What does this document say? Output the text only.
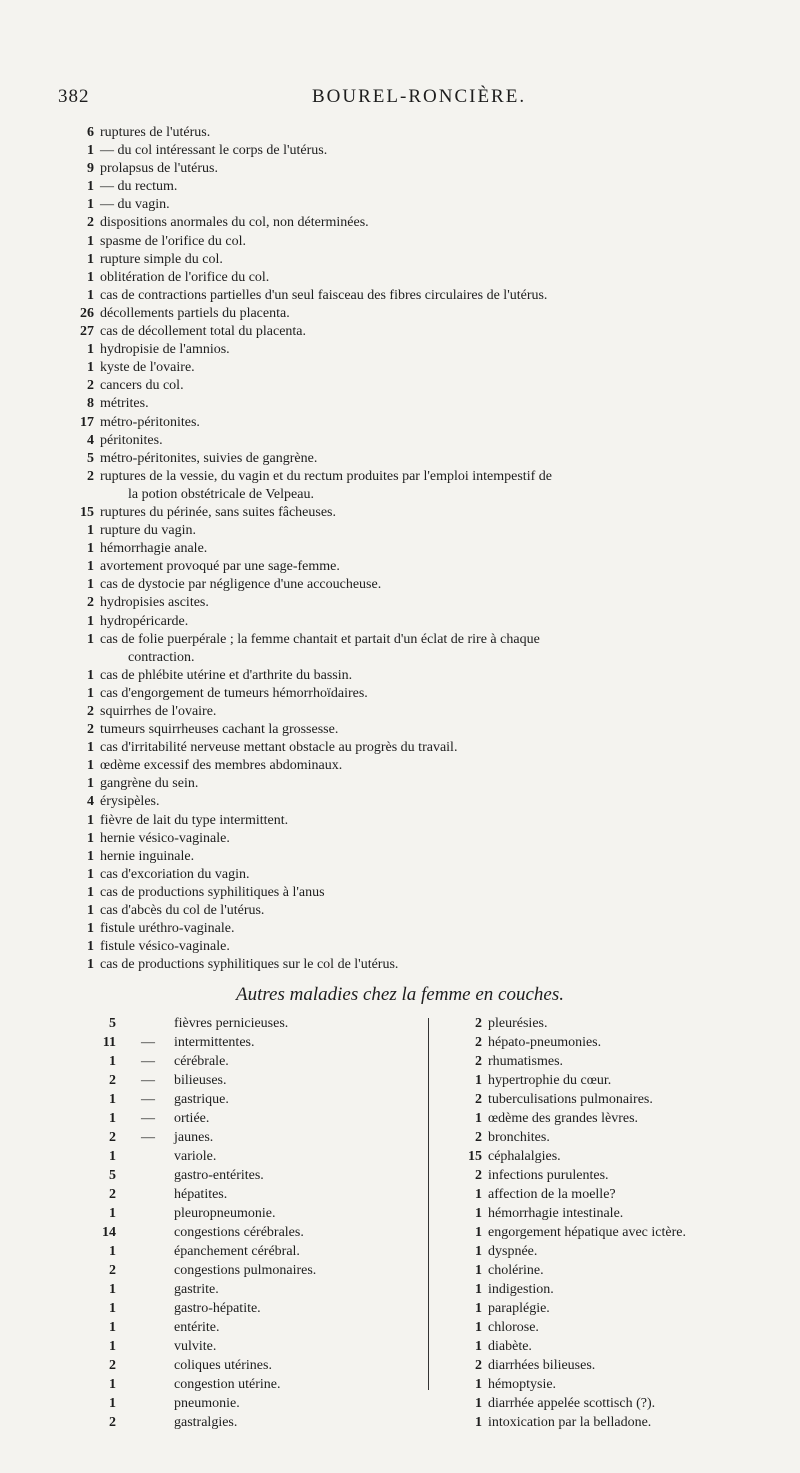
382	BOUREL-RONCIÈRE.
6 ruptures de l'utérus.
1 — du col intéressant le corps de l'utérus.
9 prolapsus de l'utérus.
1 — du rectum.
1 — du vagin.
2 dispositions anormales du col, non déterminées.
1 spasme de l'orifice du col.
1 rupture simple du col.
1 oblitération de l'orifice du col.
1 cas de contractions partielles d'un seul faisceau des fibres circulaires de l'utérus.
26 décollements partiels du placenta.
27 cas de décollement total du placenta.
1 hydropisie de l'amnios.
1 kyste de l'ovaire.
2 cancers du col.
8 métrites.
17 métro-péritonites.
4 péritonites.
5 métro-péritonites, suivies de gangrène.
2 ruptures de la vessie, du vagin et du rectum produites par l'emploi intempestif de
la potion obstétricale de Velpeau.
15 ruptures du périnée, sans suites fâcheuses.
1 rupture du vagin.
1 hémorrhagie anale.
1 avortement provoqué par une sage-femme.
1 cas de dystocie par négligence d'une accoucheuse.
2 hydropisies ascites.
1 hydropéricarde.
1 cas de folie puerpérale ; la femme chantait et partait d'un éclat de rire à chaque
contraction.
1 cas de phlébite utérine et d'arthrite du bassin.
1 cas d'engorgement de tumeurs hémorrhoïdaires.
2 squirrhes de l'ovaire.
2 tumeurs squirrheuses cachant la grossesse.
1 cas d'irritabilité nerveuse mettant obstacle au progrès du travail.
1 œdème excessif des membres abdominaux.
1 gangrène du sein.
4 érysipèles.
1 fièvre de lait du type intermittent.
1 hernie vésico-vaginale.
1 hernie inguinale.
1 cas d'excoriation du vagin.
1 cas de productions syphilitiques à l'anus
1 cas d'abcès du col de l'utérus.
1 fistule uréthro-vaginale.
1 fistule vésico-vaginale.
1 cas de productions syphilitiques sur le col de l'utérus.
Autres maladies chez la femme en couches.
5	fièvres pernicieuses.
11	—	intermittentes.
1	—	cérébrale.
2	—	bilieuses.
1	—	gastrique.
1	—	ortiée.
2	—	jaunes.
1	variole.
5	gastro-entérites.
2	hépatites.
1	pleuropneumonie.
14	congestions cérébrales.
1	épanchement cérébral.
2	congestions pulmonaires.
1	gastrite.
1	gastro-hépatite.
1	entérite.
1	vulvite.
2	coliques utérines.
1	congestion utérine.
1	pneumonie.
2	gastralgies.
2 pleurésies.
2 hépato-pneumonies.
2 rhumatismes.
1 hypertrophie du cœur.
2 tuberculisations pulmonaires.
1 œdème des grandes lèvres.
2 bronchites.
15 céphalalgies.
2 infections purulentes.
1 affection de la moelle?
1 hémorrhagie intestinale.
1 engorgement hépatique avec ictère.
1 dyspnée.
1 cholérine.
1 indigestion.
1 paraplégie.
1 chlorose.
1 diabète.
2 diarrhées bilieuses.
1 hémoptysie.
1 diarrhée appelée scottisch (?).
1 intoxication par la belladone.
